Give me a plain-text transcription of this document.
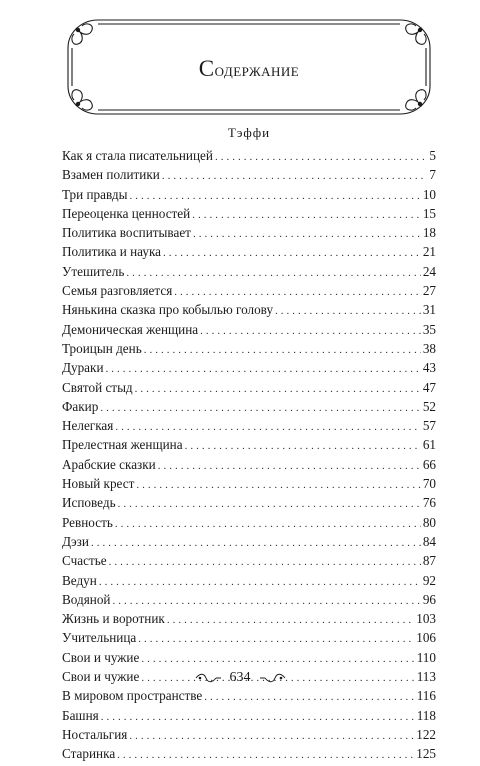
Содержание
Тэффи
Как я стала писательницей .....	5
Взамен политики .....	7
Три правды .....	10
Переоценка ценностей .....	15
Политика воспитывает .....	18
Политика и наука .....	21
Утешитель .....	24
Семья разговляется .....	27
Нянькина сказка про кобылью голову .....	31
Демоническая женщина .....	35
Троицын день .....	38
Дураки .....	43
Святой стыд .....	47
Факир .....	52
Нелегкая .....	57
Прелестная женщина .....	61
Арабские сказки .....	66
Новый крест .....	70
Исповедь .....	76
Ревность .....	80
Дэзи .....	84
Счастье .....	87
Ведун .....	92
Водяной .....	96
Жизнь и воротник .....	103
Учительница .....	106
Свои и чужие .....	110
Свои и чужие .....	113
В мировом пространстве .....	116
Башня .....	118
Ностальгия .....	122
Старинка .....	125
634
